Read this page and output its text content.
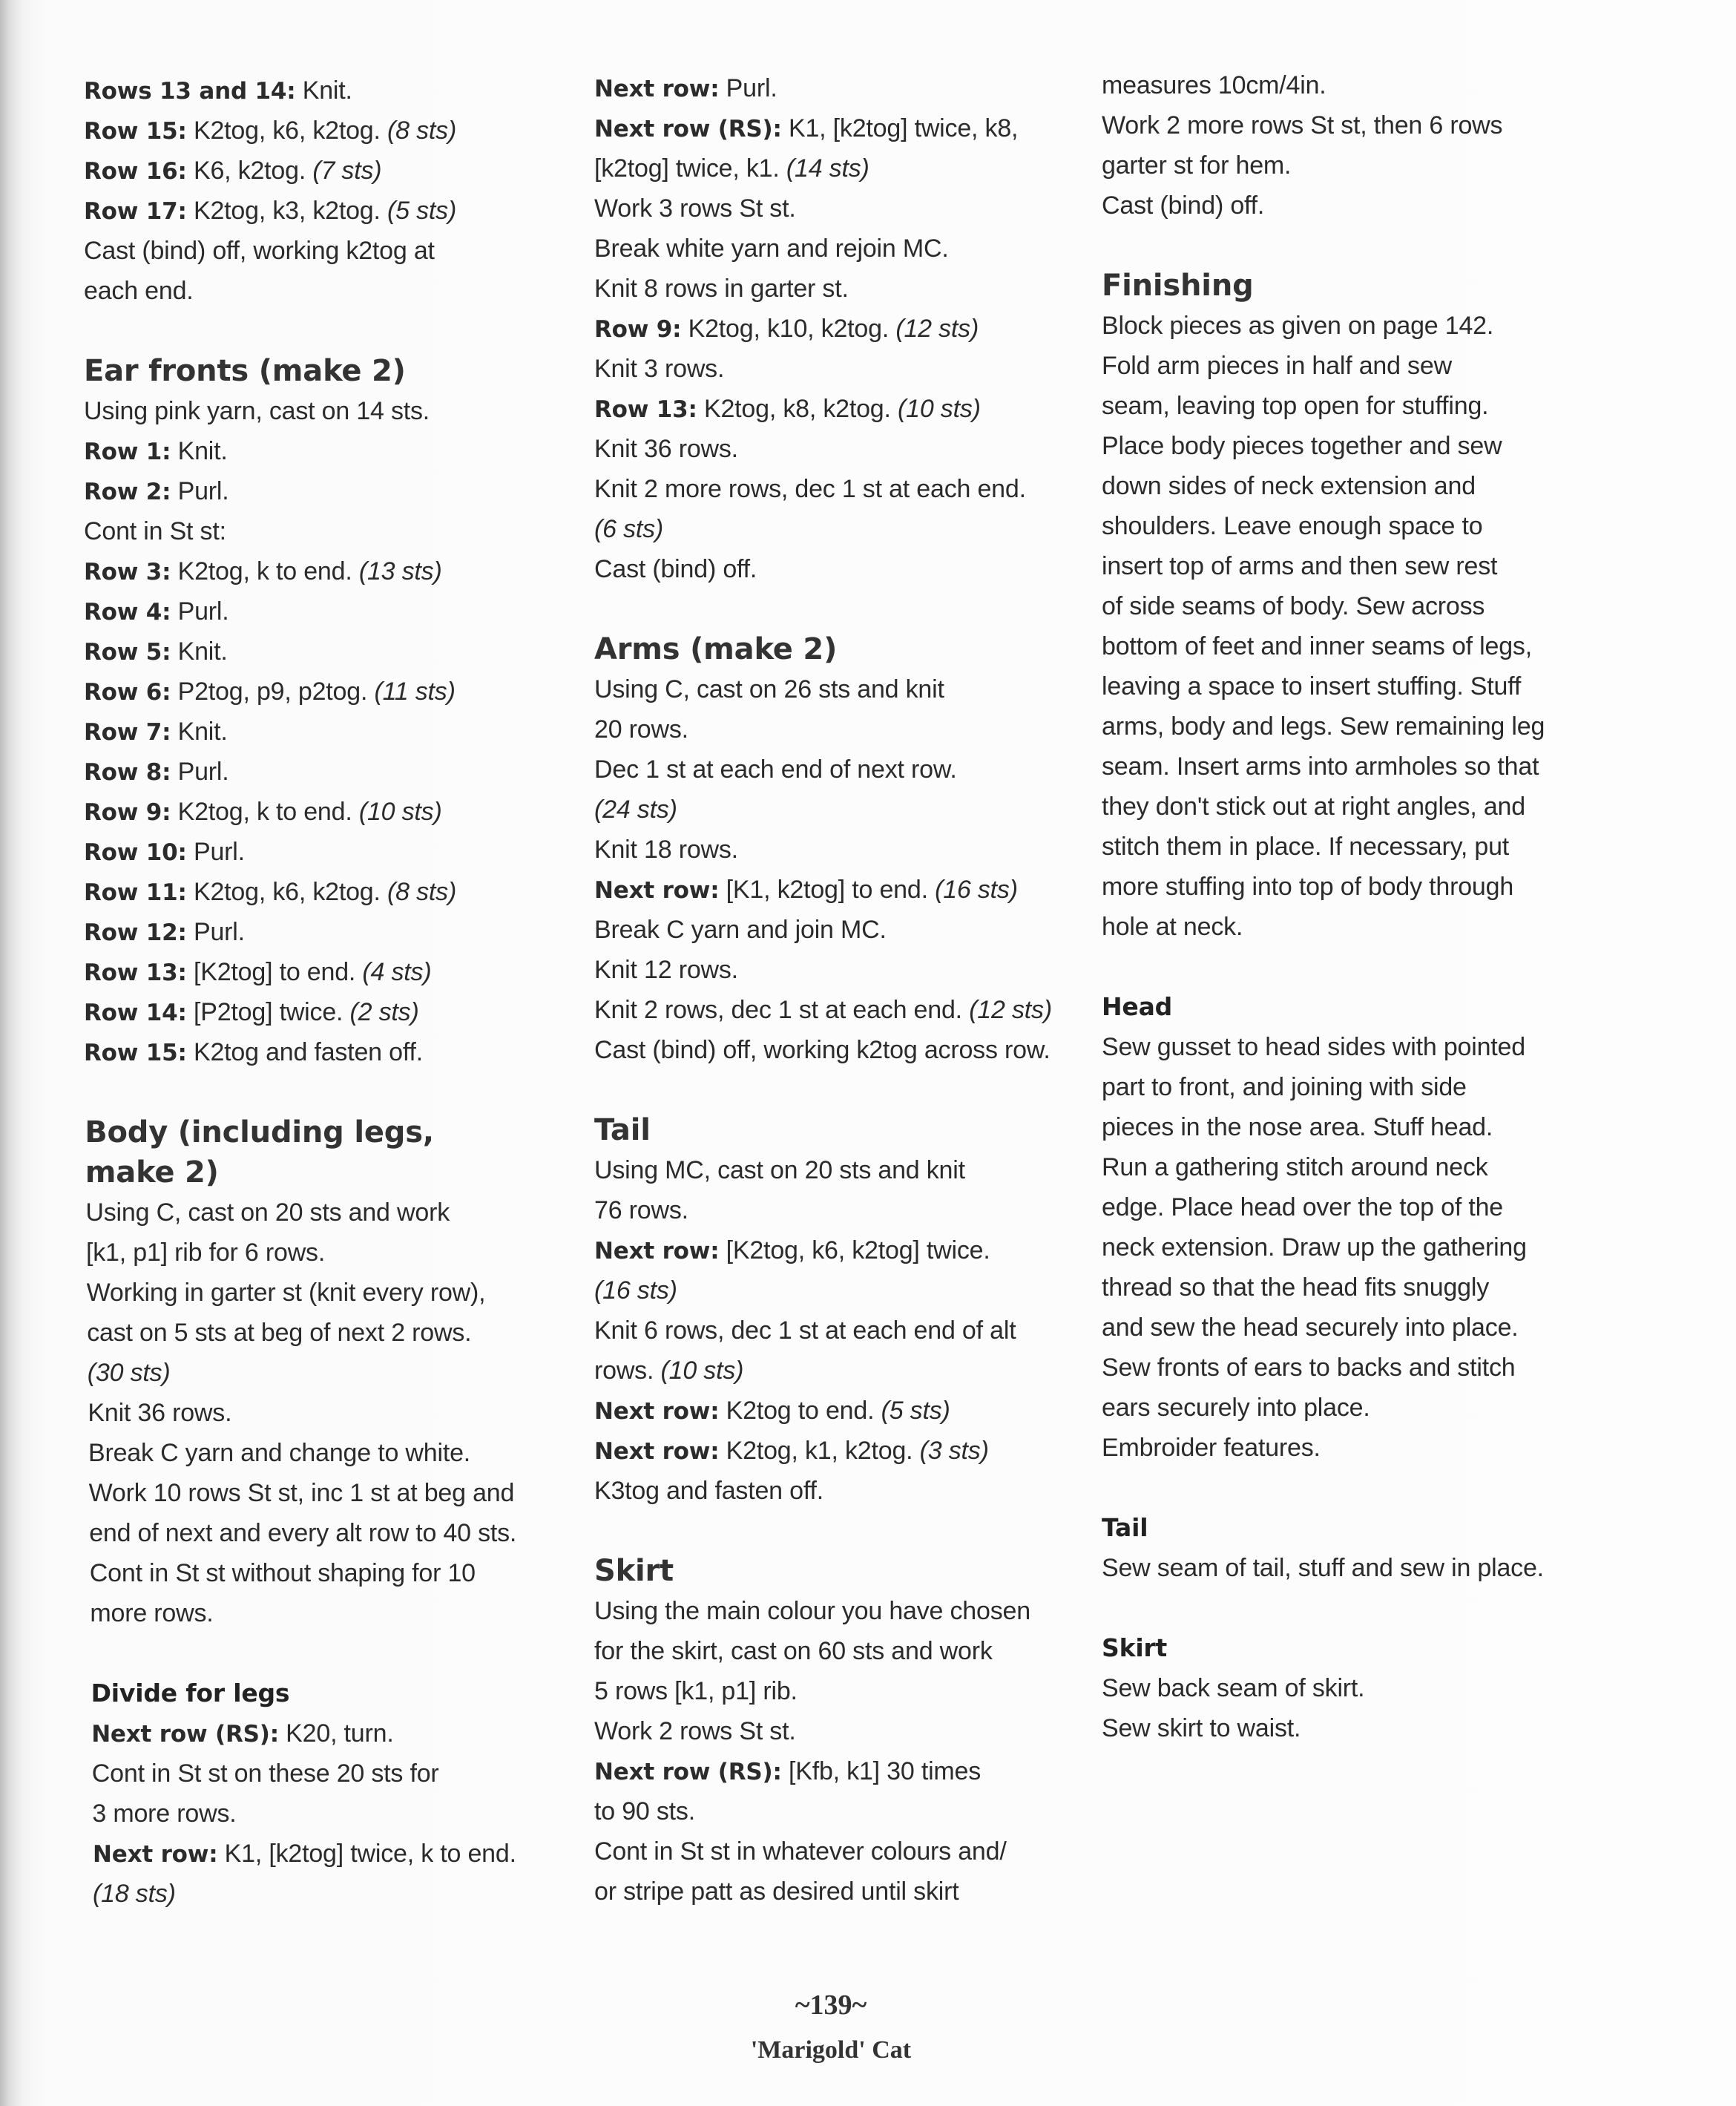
Rows 13 and 14: Knit.
Row 15: K2tog, k6, k2tog. (8 sts)
Row 16: K6, k2tog. (7 sts)
Row 17: K2tog, k3, k2tog. (5 sts)
Cast (bind) off, working k2tog at
each end.
Ear fronts (make 2)
Using pink yarn, cast on 14 sts.
Row 1: Knit.
Row 2: Purl.
Cont in St st:
Row 3: K2tog, k to end. (13 sts)
Row 4: Purl.
Row 5: Knit.
Row 6: P2tog, p9, p2tog. (11 sts)
Row 7: Knit.
Row 8: Purl.
Row 9: K2tog, k to end. (10 sts)
Row 10: Purl.
Row 11: K2tog, k6, k2tog. (8 sts)
Row 12: Purl.
Row 13: [K2tog] to end. (4 sts)
Row 14: [P2tog] twice. (2 sts)
Row 15: K2tog and fasten off.
Body (including legs,
make 2)
Using C, cast on 20 sts and work
[k1, p1] rib for 6 rows.
Working in garter st (knit every row),
cast on 5 sts at beg of next 2 rows.
(30 sts)
Knit 36 rows.
Break C yarn and change to white.
Work 10 rows St st, inc 1 st at beg and
end of next and every alt row to 40 sts.
Cont in St st without shaping for 10
more rows.
Divide for legs
Next row (RS): K20, turn.
Cont in St st on these 20 sts for
3 more rows.
Next row: K1, [k2tog] twice, k to end.
(18 sts)
Next row: Purl.
Next row (RS): K1, [k2tog] twice, k8,
[k2tog] twice, k1. (14 sts)
Work 3 rows St st.
Break white yarn and rejoin MC.
Knit 8 rows in garter st.
Row 9: K2tog, k10, k2tog. (12 sts)
Knit 3 rows.
Row 13: K2tog, k8, k2tog. (10 sts)
Knit 36 rows.
Knit 2 more rows, dec 1 st at each end.
(6 sts)
Cast (bind) off.
Arms (make 2)
Using C, cast on 26 sts and knit
20 rows.
Dec 1 st at each end of next row.
(24 sts)
Knit 18 rows.
Next row: [K1, k2tog] to end. (16 sts)
Break C yarn and join MC.
Knit 12 rows.
Knit 2 rows, dec 1 st at each end. (12 sts)
Cast (bind) off, working k2tog across row.
Tail
Using MC, cast on 20 sts and knit
76 rows.
Next row: [K2tog, k6, k2tog] twice.
(16 sts)
Knit 6 rows, dec 1 st at each end of alt
rows. (10 sts)
Next row: K2tog to end. (5 sts)
Next row: K2tog, k1, k2tog. (3 sts)
K3tog and fasten off.
Skirt
Using the main colour you have chosen
for the skirt, cast on 60 sts and work
5 rows [k1, p1] rib.
Work 2 rows St st.
Next row (RS): [Kfb, k1] 30 times
to 90 sts.
Cont in St st in whatever colours and/
or stripe patt as desired until skirt
measures 10cm/4in.
Work 2 more rows St st, then 6 rows
garter st for hem.
Cast (bind) off.
Finishing
Block pieces as given on page 142.
Fold arm pieces in half and sew
seam, leaving top open for stuffing.
Place body pieces together and sew
down sides of neck extension and
shoulders. Leave enough space to
insert top of arms and then sew rest
of side seams of body. Sew across
bottom of feet and inner seams of legs,
leaving a space to insert stuffing. Stuff
arms, body and legs. Sew remaining leg
seam. Insert arms into armholes so that
they don't stick out at right angles, and
stitch them in place. If necessary, put
more stuffing into top of body through
hole at neck.
Head
Sew gusset to head sides with pointed
part to front, and joining with side
pieces in the nose area. Stuff head.
Run a gathering stitch around neck
edge. Place head over the top of the
neck extension. Draw up the gathering
thread so that the head fits snuggly
and sew the head securely into place.
Sew fronts of ears to backs and stitch
ears securely into place.
Embroider features.
Tail
Sew seam of tail, stuff and sew in place.
Skirt
Sew back seam of skirt.
Sew skirt to waist.
~139~
'Marigold' Cat
